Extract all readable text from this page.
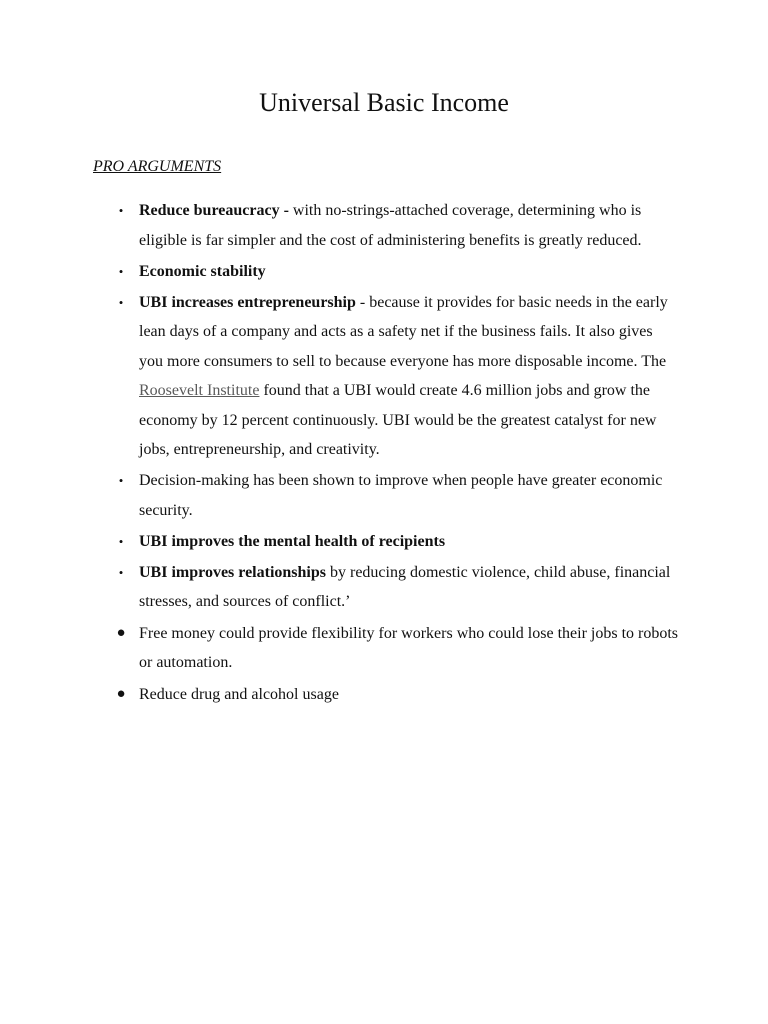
Universal Basic Income

PRO ARGUMENTS

• Reduce bureaucracy - with no-strings-attached coverage, determining who is eligible is far simpler and the cost of administering benefits is greatly reduced.
• Economic stability
• UBI increases entrepreneurship - because it provides for basic needs in the early lean days of a company and acts as a safety net if the business fails. It also gives you more consumers to sell to because everyone has more disposable income. The Roosevelt Institute found that a UBI would create 4.6 million jobs and grow the economy by 12 percent continuously. UBI would be the greatest catalyst for new jobs, entrepreneurship, and creativity.
• Decision-making has been shown to improve when people have greater economic security.
• UBI improves the mental health of recipients
• UBI improves relationships by reducing domestic violence, child abuse, financial stresses, and sources of conflict.’
● Free money could provide flexibility for workers who could lose their jobs to robots or automation.
● Reduce drug and alcohol usage
